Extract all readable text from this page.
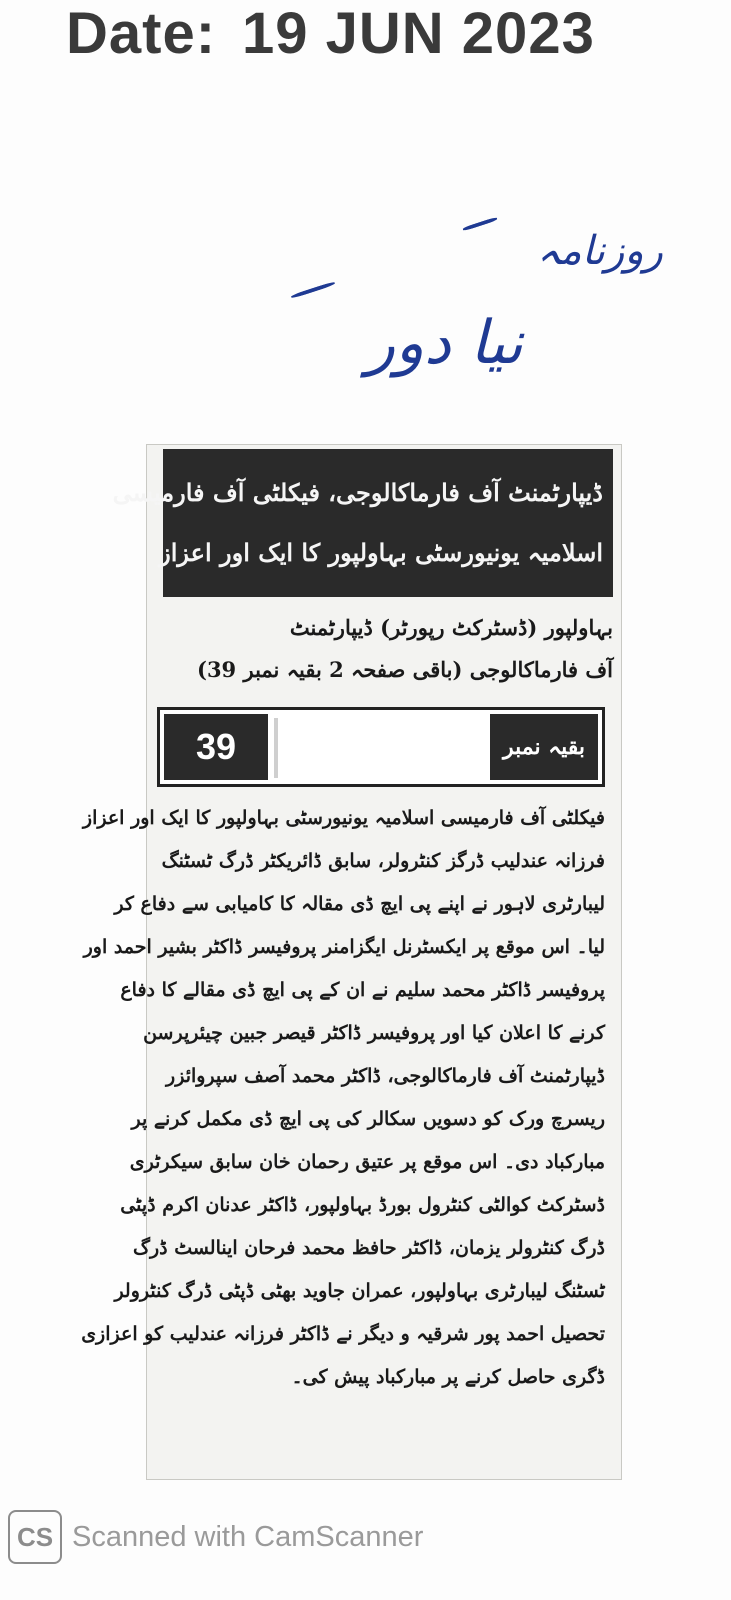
Date: 19 JUN 2023
روزنامہ
نیا دور
ڈیپارٹمنٹ آف فارماکالوجی، فیکلٹی آف فارمیسی
اسلامیہ یونیورسٹی بہاولپور کا ایک اور اعزاز
بہاولپور (ڈسٹرکٹ رپورٹر) ڈیپارٹمنٹ
آف فارماکالوجی (باقی صفحہ 2 بقیہ نمبر 39)
39	بقیہ نمبر
فیکلٹی آف فارمیسی اسلامیہ یونیورسٹی بہاولپور کا ایک اور اعزاز
فرزانہ عندلیب ڈرگز کنٹرولر، سابق ڈائریکٹر ڈرگ ٹسٹنگ
لیبارٹری لاہور نے اپنے پی ایچ ڈی مقالہ کا کامیابی سے دفاع کر
لیا۔ اس موقع پر ایکسٹرنل ایگزامنر پروفیسر ڈاکٹر بشیر احمد اور
پروفیسر ڈاکٹر محمد سلیم نے ان کے پی ایچ ڈی مقالے کا دفاع
کرنے کا اعلان کیا اور پروفیسر ڈاکٹر قیصر جبین چیئرپرسن
ڈیپارٹمنٹ آف فارماکالوجی، ڈاکٹر محمد آصف سپروائزر
ریسرچ ورک کو دسویں سکالر کی پی ایچ ڈی مکمل کرنے پر
مبارکباد دی۔ اس موقع پر عتیق رحمان خان سابق سیکرٹری
ڈسٹرکٹ کوالٹی کنٹرول بورڈ بہاولپور، ڈاکٹر عدنان اکرم ڈپٹی
ڈرگ کنٹرولر یزمان، ڈاکٹر حافظ محمد فرحان اینالسٹ ڈرگ
ٹسٹنگ لیبارٹری بہاولپور، عمران جاوید بھٹی ڈپٹی ڈرگ کنٹرولر
تحصیل احمد پور شرقیہ و دیگر نے ڈاکٹر فرزانہ عندلیب کو اعزازی
ڈگری حاصل کرنے پر مبارکباد پیش کی۔
CS Scanned with CamScanner
